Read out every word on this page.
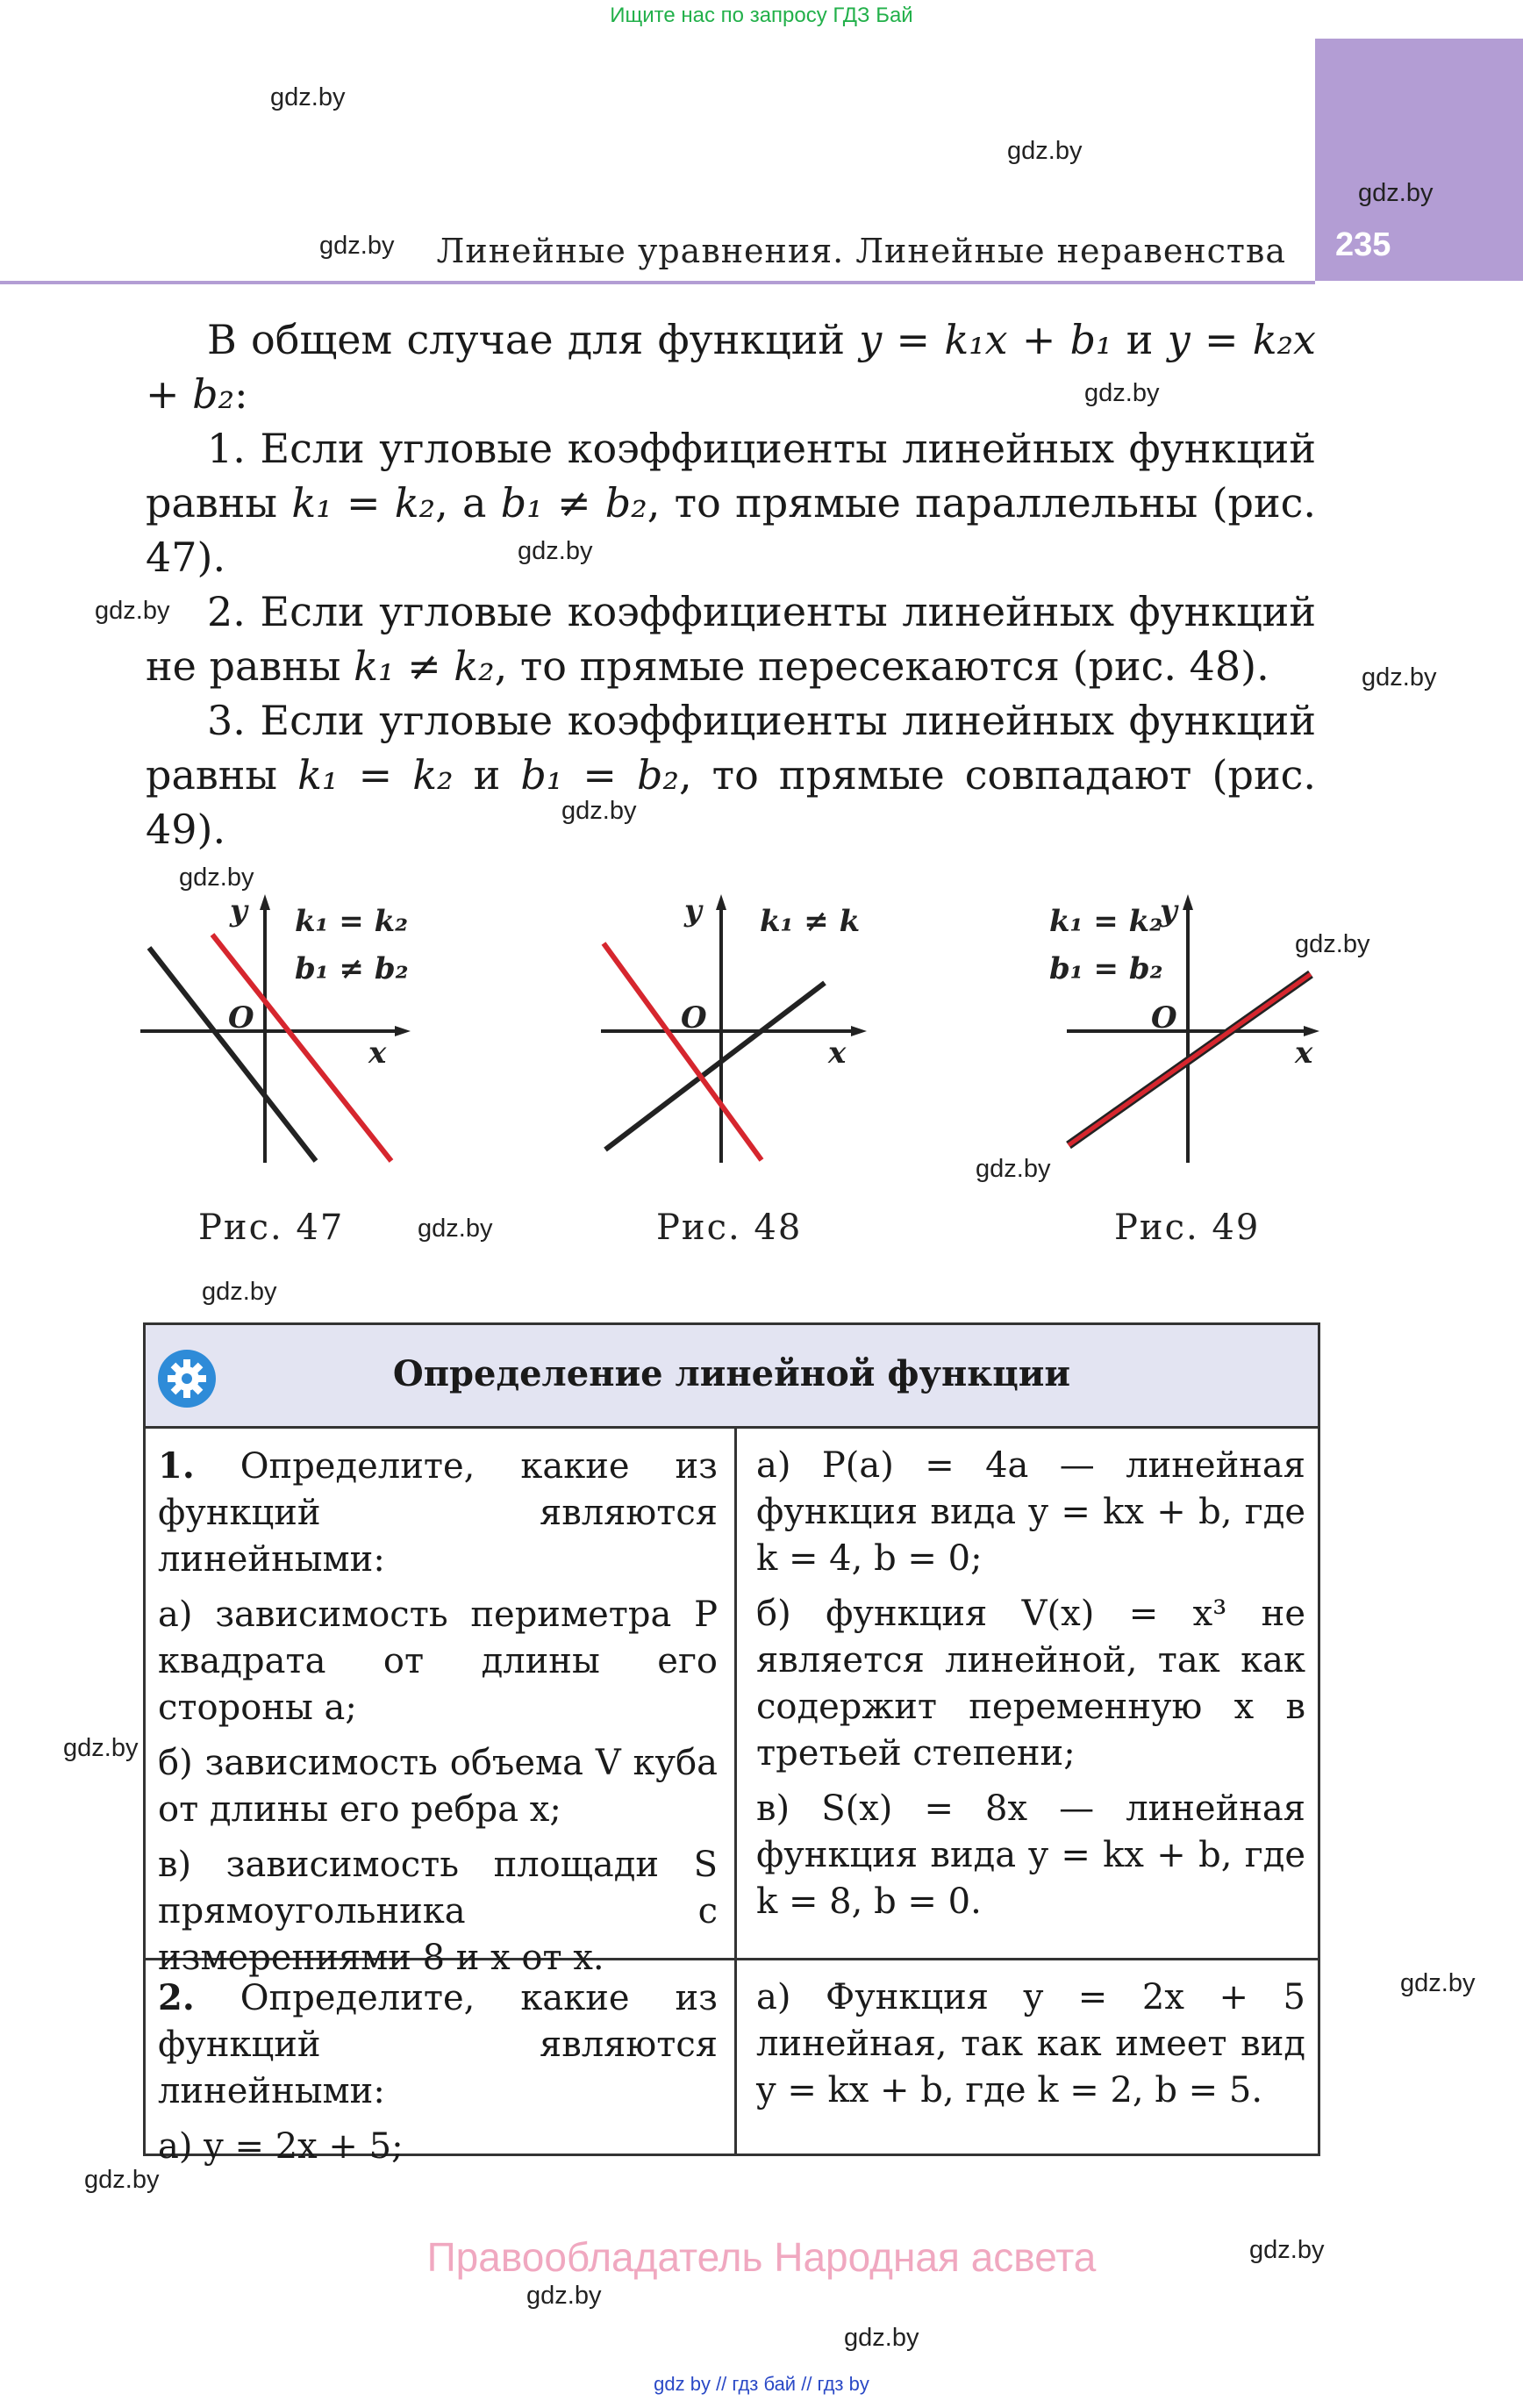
Ищите нас по запросу ГДЗ Бай
235
Линейные уравнения. Линейные неравенства
gdz.by
gdz.by
gdz.by
gdz.by
gdz.by
gdz.by
gdz.by
gdz.by
gdz.by
gdz.by
gdz.by
gdz.by
gdz.by
gdz.by
gdz.by
gdz.by
gdz.by
gdz.by
gdz.by
gdz.by
В общем случае для функций y = k₁x + b₁ и y = k₂x + b₂:
1. Если угловые коэффициенты линейных функций равны k₁ = k₂, а b₁ ≠ b₂, то прямые параллельны (рис. 47).
2. Если угловые коэффициенты линейных функций не равны k₁ ≠ k₂, то прямые пересекаются (рис. 48).
3. Если угловые коэффициенты линейных функций равны k₁ = k₂ и b₁ = b₂, то прямые совпадают (рис. 49).
O
y
x
k₁ = k₂
b₁ ≠ b₂
O
y
x
k₁ ≠ k
O
y
x
k₁ = k₂
b₁ = b₂
Рис. 47	Рис. 48	Рис. 49
Определение линейной функции

1. Определите, какие из функций являются линейными:

а) зависимость периметра P квадрата от длины его стороны a;

б) зависимость объема V куба от длины его ребра x;

в) зависимость площади S прямоугольника с измерениями 8 и x от x.

а) P(a) = 4a — линейная функция вида y = kx + b, где k = 4, b = 0;

б) функция V(x) = x³ не является линейной, так как содержит переменную x в третьей степени;

в) S(x) = 8x — линейная функция вида y = kx + b, где k = 8, b = 0.

2. Определите, какие из функций являются линейными:

а) y = 2x + 5;

а) Функция y = 2x + 5 линейная, так как имеет вид y = kx + b, где k = 2, b = 5.

Правообладатель Народная асвета
gdz by // гдз бай // гдз by
